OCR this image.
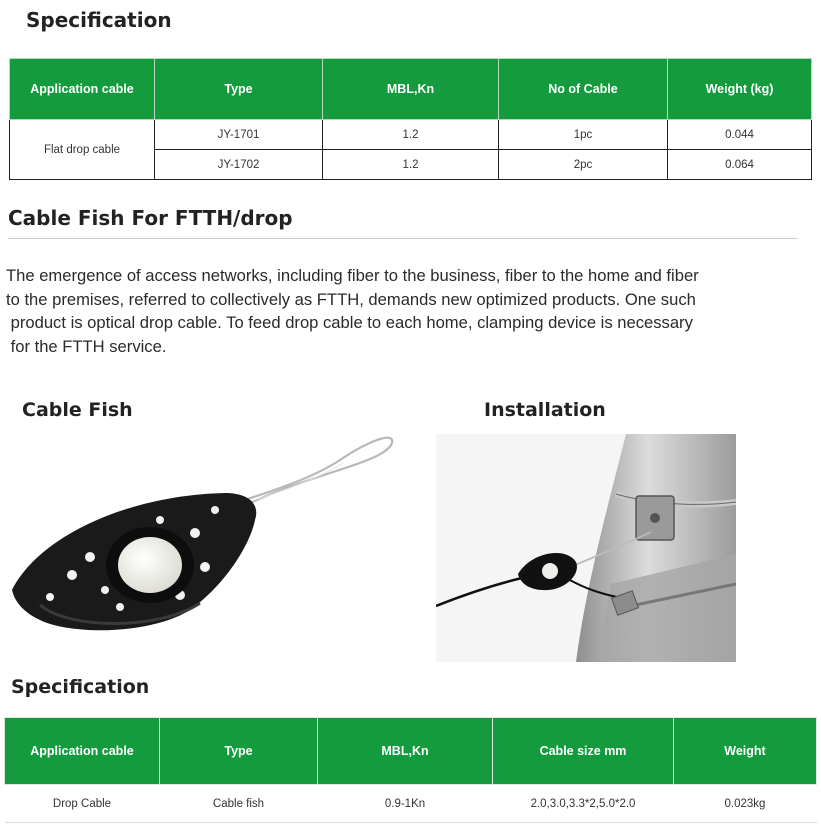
Specification
Application cable	Type	MBL,Kn	No of Cable	Weight (kg)
Flat drop cable	JY-1701	1.2	1pc	0.044
	JY-1702	1.2	2pc	0.064
Cable Fish For FTTH/drop
The emergence of access networks, including fiber to the business, fiber to the home and fiber
to the premises, referred to collectively as FTTH, demands new optimized products. One such
product is optical drop cable. To feed drop cable to each home, clamping device is necessary
for the FTTH service.
Cable Fish	Installation
Specification
Application cable	Type	MBL,Kn	Cable size mm	Weight
Drop Cable	Cable fish	0.9-1Kn	2.0,3.0,3.3*2,5.0*2.0	0.023kg
